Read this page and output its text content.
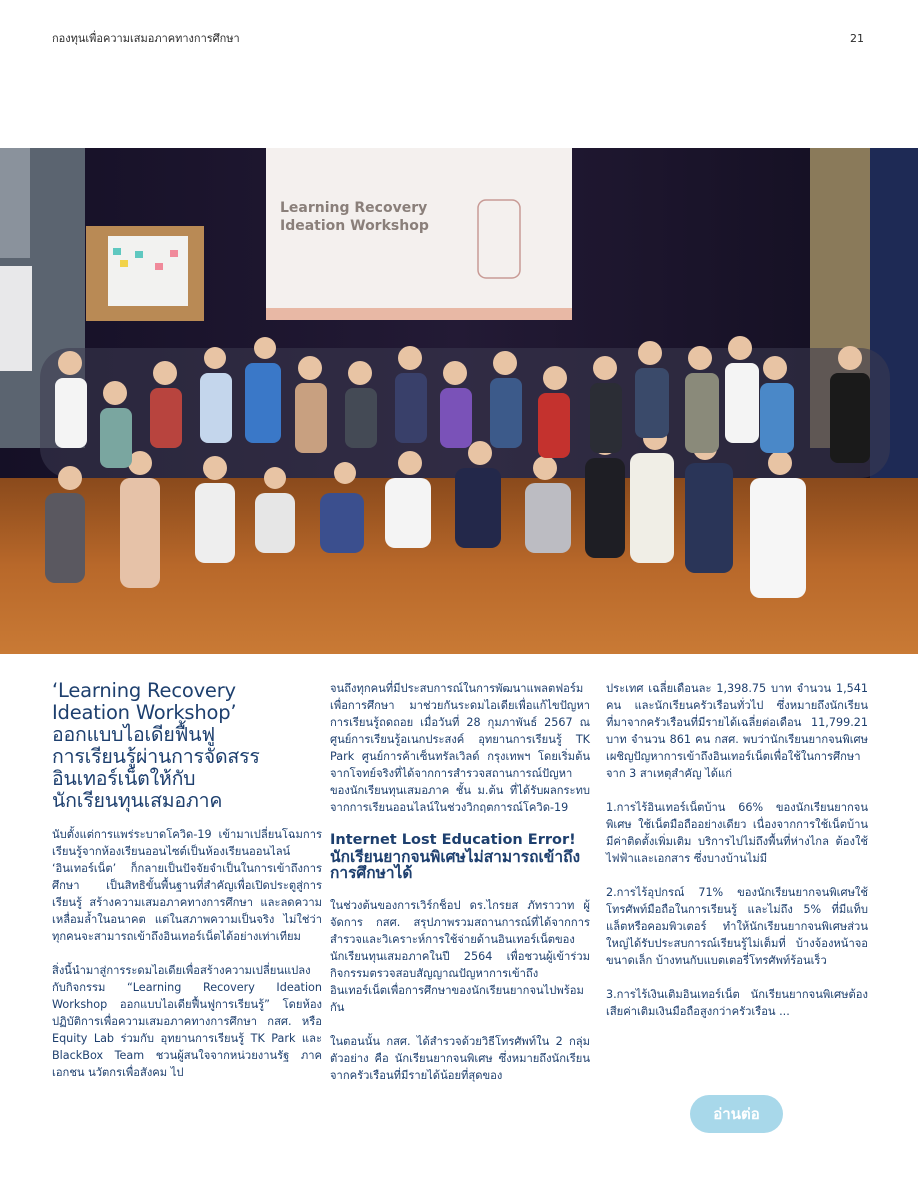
กองทุนเพื่อความเสมอภาคทางการศึกษา	21
Learning Recovery
Ideation Workshop
‘Learning Recovery
Ideation Workshop’
ออกแบบไอเดียฟื้นฟู
การเรียนรู้ผ่านการจัดสรร
อินเทอร์เน็ตให้กับ
นักเรียนทุนเสมอภาค

นับตั้งแต่การแพร่ระบาดโควิด-19 เข้ามาเปลี่ยนโฉมการเรียนรู้จากห้องเรียนออนไซต์เป็นห้องเรียนออนไลน์ ‘อินเทอร์เน็ต’ ก็กลายเป็นปัจจัยจำเป็นในการเข้าถึงการศึกษา เป็นสิทธิขั้นพื้นฐานที่สำคัญเพื่อเปิดประตูสู่การเรียนรู้ สร้างความเสมอภาคทางการศึกษา และลดความเหลื่อมล้ำในอนาคต แต่ในสภาพความเป็นจริง ไม่ใช่ว่าทุกคนจะสามารถเข้าถึงอินเทอร์เน็ตได้อย่างเท่าเทียม

สิ่งนี้นำมาสู่การระดมไอเดียเพื่อสร้างความเปลี่ยนแปลงกับกิจกรรม “Learning Recovery Ideation Workshop ออกแบบไอเดียฟื้นฟูการเรียนรู้” โดยห้องปฏิบัติการเพื่อความเสมอภาคทางการศึกษา กสศ. หรือ Equity Lab ร่วมกับ อุทยานการเรียนรู้ TK Park และ BlackBox Team ชวนผู้สนใจจากหน่วยงานรัฐ ภาคเอกชน นวัตกรเพื่อสังคม ไป

จนถึงทุกคนที่มีประสบการณ์ในการพัฒนาแพลตฟอร์มเพื่อการศึกษา มาช่วยกันระดมไอเดียเพื่อแก้ไขปัญหาการเรียนรู้ถดถอย เมื่อวันที่ 28 กุมภาพันธ์ 2567 ณ ศูนย์การเรียนรู้อเนกประสงค์ อุทยานการเรียนรู้ TK Park ศูนย์การค้าเซ็นทรัลเวิลด์ กรุงเทพฯ โดยเริ่มต้นจากโจทย์จริงที่ได้จากการสำรวจสถานการณ์ปัญหาของนักเรียนทุนเสมอภาค ชั้น ม.ต้น ที่ได้รับผลกระทบจากการเรียนออนไลน์ในช่วงวิกฤตการณ์โควิด-19

Internet Lost Education Error!
นักเรียนยากจนพิเศษไม่สามารถเข้าถึงการศึกษาได้

ในช่วงต้นของการเวิร์กช็อป ดร.ไกรยส ภัทราวาท ผู้จัดการ กสศ. สรุปภาพรวมสถานการณ์ที่ได้จากการสำรวจและวิเคราะห์การใช้จ่ายด้านอินเทอร์เน็ตของนักเรียนทุนเสมอภาคในปี 2564 เพื่อชวนผู้เข้าร่วมกิจกรรมตรวจสอบสัญญาณปัญหาการเข้าถึงอินเทอร์เน็ตเพื่อการศึกษาของนักเรียนยากจนไปพร้อมกัน

ในตอนนั้น กสศ. ได้สำรวจด้วยวิธีโทรศัพท์ใน 2 กลุ่มตัวอย่าง คือ นักเรียนยากจนพิเศษ ซึ่งหมายถึงนักเรียนจากครัวเรือนที่มีรายได้น้อยที่สุดของ

ประเทศ เฉลี่ยเดือนละ 1,398.75 บาท จำนวน 1,541 คน และนักเรียนครัวเรือนทั่วไป ซึ่งหมายถึงนักเรียนที่มาจากครัวเรือนที่มีรายได้เฉลี่ยต่อเดือน 11,799.21 บาท จำนวน 861 คน กสศ. พบว่านักเรียนยากจนพิเศษ เผชิญปัญหาการเข้าถึงอินเทอร์เน็ตเพื่อใช้ในการศึกษา จาก 3 สาเหตุสำคัญ ได้แก่

1.การไร้อินเทอร์เน็ตบ้าน 66% ของนักเรียนยากจนพิเศษ ใช้เน็ตมือถืออย่างเดียว เนื่องจากการใช้เน็ตบ้านมีค่าติดตั้งเพิ่มเติม บริการไปไม่ถึงพื้นที่ห่างไกล ต้องใช้ไฟฟ้าและเอกสาร ซึ่งบางบ้านไม่มี

2.การไร้อุปกรณ์ 71% ของนักเรียนยากจนพิเศษใช้โทรศัพท์มือถือในการเรียนรู้ และไม่ถึง 5% ที่มีแท็บแล็ตหรือคอมพิวเตอร์ ทำให้นักเรียนยากจนพิเศษส่วนใหญ่ได้รับประสบการณ์เรียนรู้ไม่เต็มที่ บ้างจ้องหน้าจอขนาดเล็ก บ้างทนกับแบตเตอรี่โทรศัพท์ร้อนเร็ว

3.การไร้เงินเติมอินเทอร์เน็ต นักเรียนยากจนพิเศษต้องเสียค่าเติมเงินมือถือสูงกว่าครัวเรือน ...

อ่านต่อ
